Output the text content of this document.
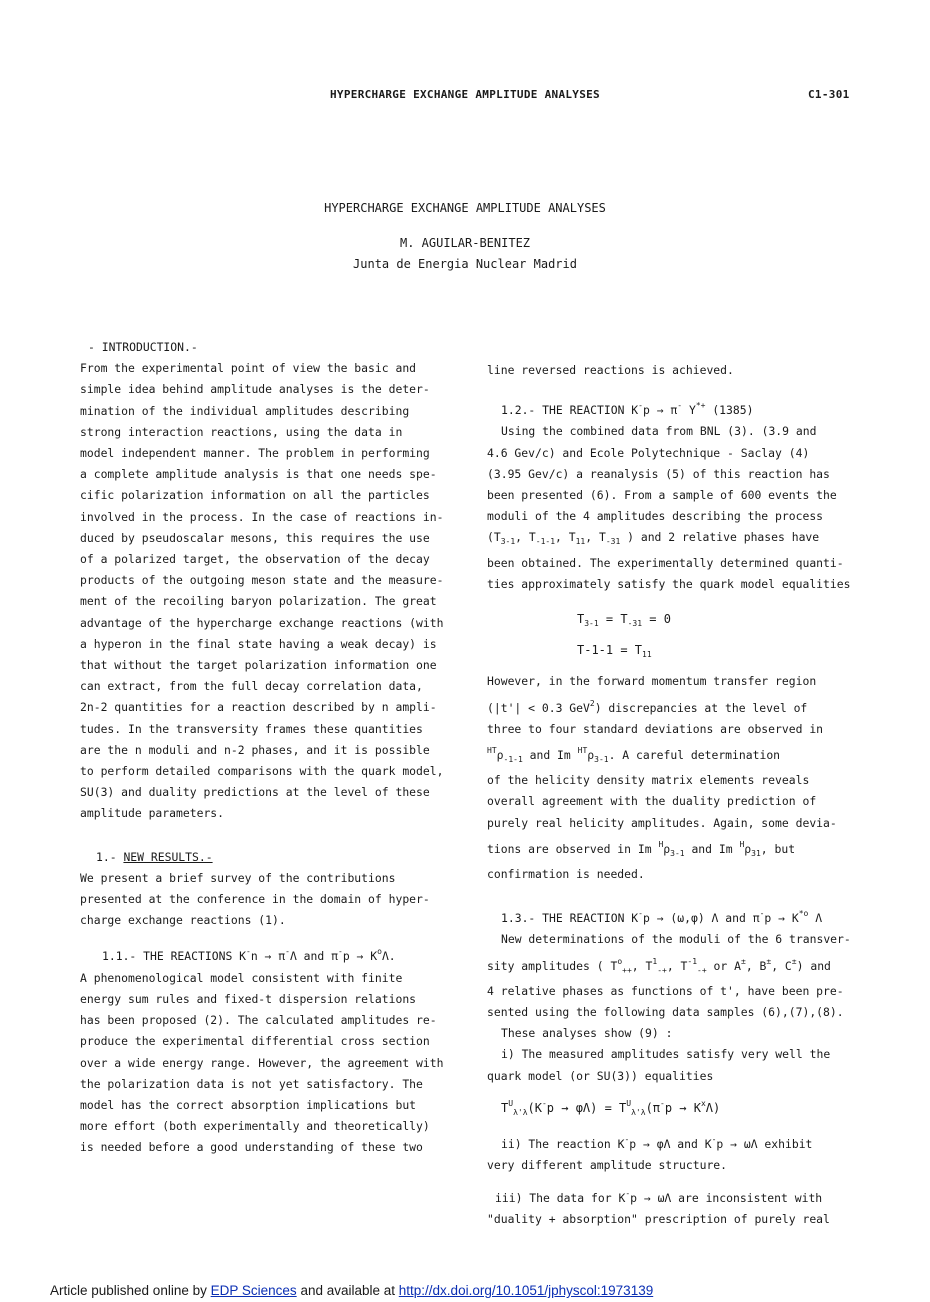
HYPERCHARGE EXCHANGE AMPLITUDE ANALYSES	C1-301
HYPERCHARGE EXCHANGE AMPLITUDE ANALYSES
M. AGUILAR-BENITEZ
Junta de Energia Nuclear Madrid

- INTRODUCTION.-

From the experimental point of view the basic and

simple idea behind amplitude analyses is the deter-

mination of the individual amplitudes describing

strong interaction reactions, using the data in

model independent manner. The problem in performing

a complete amplitude analysis is that one needs spe-

cific polarization information on all the particles

involved in the process. In the case of reactions in-

duced by pseudoscalar mesons, this requires the use

of a polarized target, the observation of the decay

products of the outgoing meson state and the measure-

ment of the recoiling baryon polarization. The great

advantage of the hypercharge exchange reactions (with

a hyperon in the final state having a weak decay) is

that without the target polarization information one

can extract, from the full decay correlation data,

2n-2 quantities for a reaction described by n ampli-

tudes. In the transversity frames these quantities

are the n moduli and n-2 phases, and it is possible

to perform detailed comparisons with the quark model,

SU(3) and duality predictions at the level of these

amplitude parameters.

1.- NEW RESULTS.-

We present a brief survey of the contributions

presented at the conference in the domain of hyper-

charge exchange reactions (1).

1.1.- THE REACTIONS K-n → π-Λ and $\pi^-p \to K^o\Lambda$.

A phenomenological model consistent with finite

energy sum rules and fixed-t dispersion relations

has been proposed (2). The calculated amplitudes re-

produce the experimental differential cross section

over a wide energy range. However, the agreement with

the polarization data is not yet satisfactory. The

model has the correct absorption implications but

more effort (both experimentally and theoretically)

is needed before a good understanding of these two

line reversed reactions is achieved.

1.2.- THE REACTION K-p → π- Y*+ (1385)

Using the combined data from BNL (3). (3.9 and

4.6 Gev/c) and Ecole Polytechnique - Saclay (4)

(3.95 Gev/c) a reanalysis (5) of this reaction has

been presented (6). From a sample of 600 events the

moduli of the 4 amplitudes describing the process

($T_{3-1}$, $T_{-1-1}$, $T_{11}$, $T_{-31}$ ) and 2 relative phases have

been obtained. The experimentally determined quanti-

ties approximately satisfy the quark model equalities

$T_{3-1} = T_{-31} = 0$

$T-1-1 = T_{11}$

However, in the forward momentum transfer region

(|t'| < 0.3 GeV$^2$) discrepancies at the level of

three to four standard deviations are observed in

$^{HT}\rho_{-1-1}$ and Im $^{HT}\rho_{3-1}$. A careful determination

of the helicity density matrix elements reveals

overall agreement with the duality prediction of

purely real helicity amplitudes. Again, some devia-

tions are observed in Im $^H\rho_{3-1}$ and Im $^H\rho_{31}$, but

confirmation is needed.

1.3.- THE REACTION K-p → (ω,φ) Λ and $\pi^-p \to K^{*o}$ Λ

New determinations of the moduli of the 6 transver-

sity amplitudes ( $T^o_{++}$, $T^1_{-+}$, $T^{-1}_{-+}$ or A±, B±, C±) and

4 relative phases as functions of t', have been pre-

sented using the following data samples (6),(7),(8).

These analyses show (9) :

i) The measured amplitudes satisfy very well the

quark model (or SU(3)) equalities

$T^U_{\lambda'\lambda}(K^-p \to \varphi\Lambda) = T^U_{\lambda'\lambda}(\pi^-p \to K^x\Lambda)$

ii) The reaction K-p → φΛ and K-p → ωΛ exhibit

very different amplitude structure.

iii) The data for K-p → ωΛ are inconsistent with

"duality + absorption" prescription of purely real

Article published online by EDP Sciences and available at http://dx.doi.org/10.1051/jphyscol:1973139
